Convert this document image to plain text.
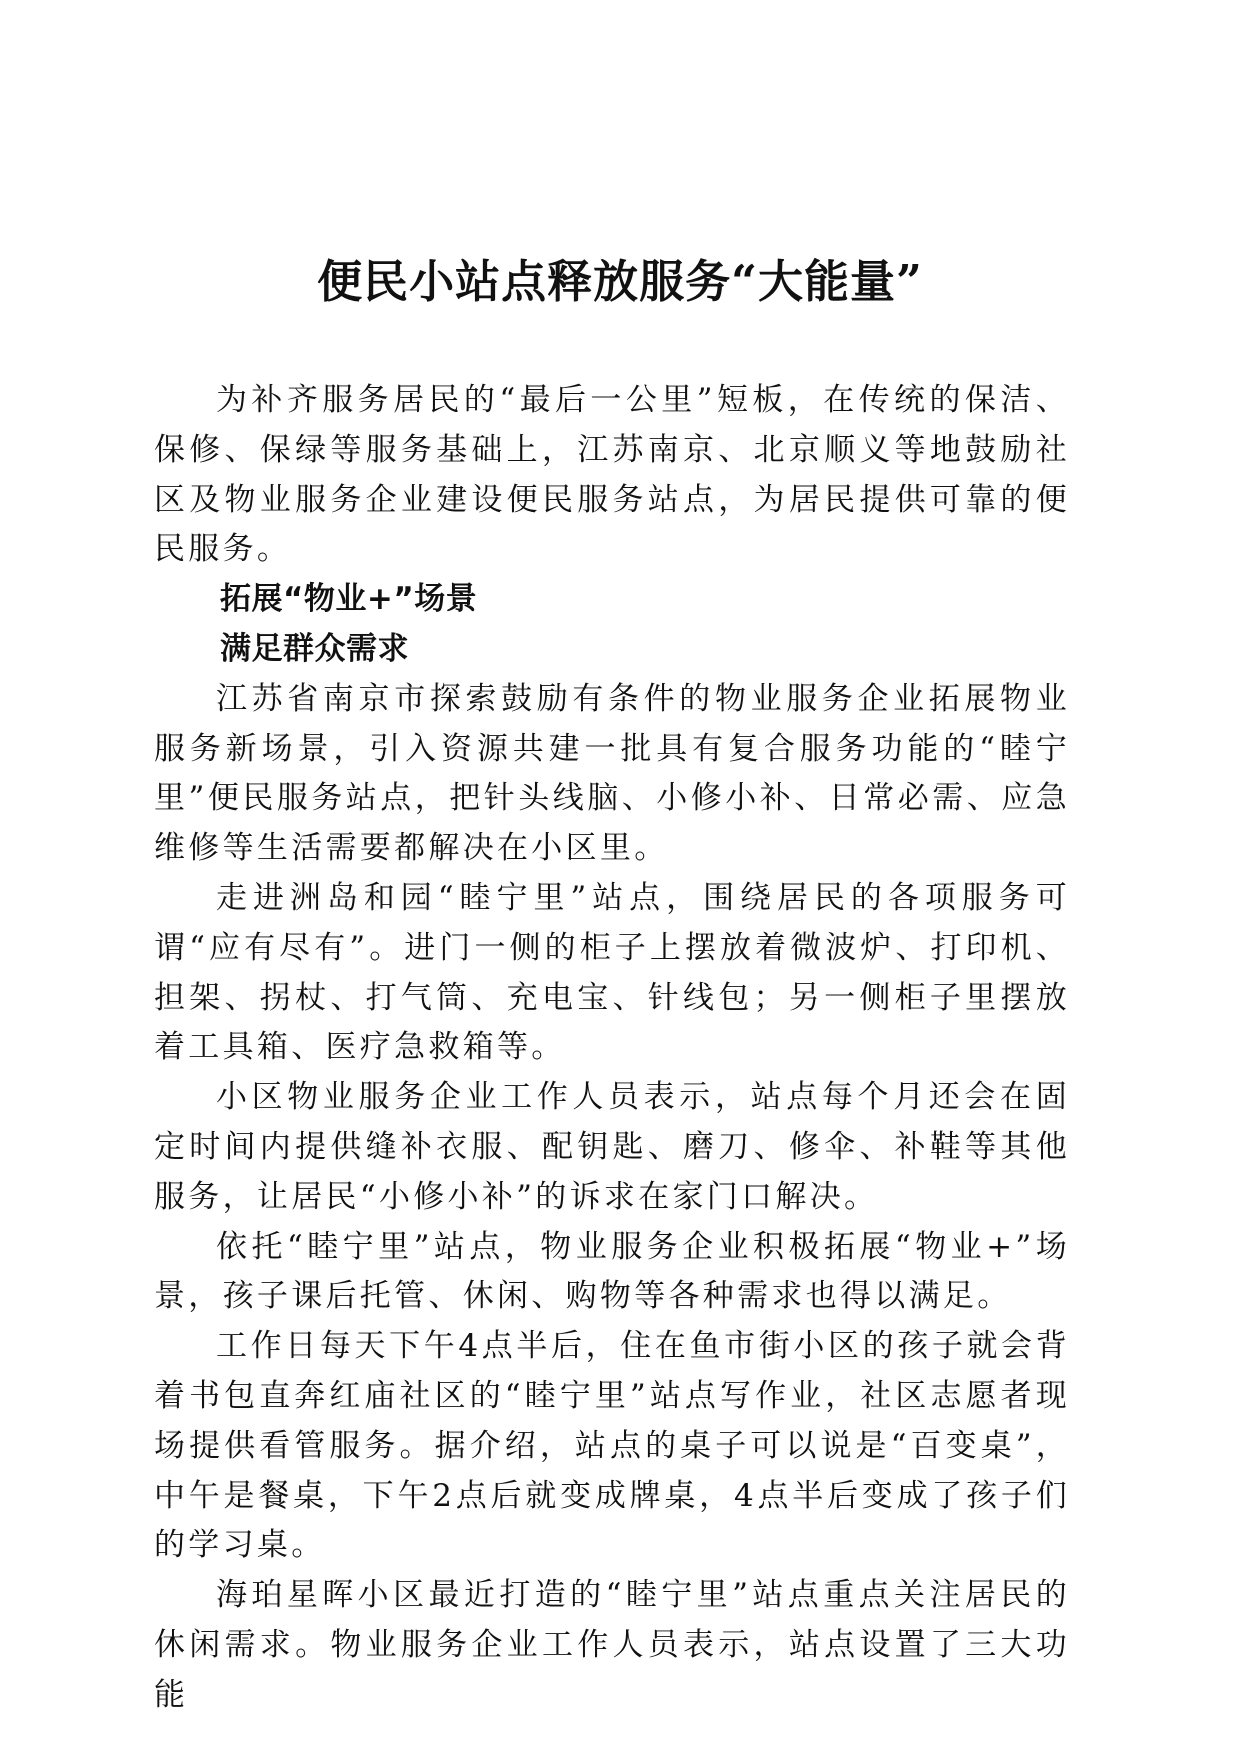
便民小站点释放服务“大能量”

为补齐服务居民的“最后一公里”短板，在传统的保洁、保修、保绿等服务基础上，江苏南京、北京顺义等地鼓励社区及物业服务企业建设便民服务站点，为居民提供可靠的便民服务。

拓展“物业+”场景

满足群众需求

江苏省南京市探索鼓励有条件的物业服务企业拓展物业服务新场景，引入资源共建一批具有复合服务功能的“睦宁里”便民服务站点，把针头线脑、小修小补、日常必需、应急维修等生活需要都解决在小区里。

走进洲岛和园“睦宁里”站点，围绕居民的各项服务可谓“应有尽有”。进门一侧的柜子上摆放着微波炉、打印机、担架、拐杖、打气筒、充电宝、针线包；另一侧柜子里摆放着工具箱、医疗急救箱等。

小区物业服务企业工作人员表示，站点每个月还会在固定时间内提供缝补衣服、配钥匙、磨刀、修伞、补鞋等其他服务，让居民“小修小补”的诉求在家门口解决。

依托“睦宁里”站点，物业服务企业积极拓展“物业+”场景，孩子课后托管、休闲、购物等各种需求也得以满足。

工作日每天下午4点半后，住在鱼市街小区的孩子就会背着书包直奔红庙社区的“睦宁里”站点写作业，社区志愿者现场提供看管服务。据介绍，站点的桌子可以说是“百变桌”，中午是餐桌，下午2点后就变成牌桌，4点半后变成了孩子们的学习桌。

海珀星晖小区最近打造的“睦宁里”站点重点关注居民的休闲需求。物业服务企业工作人员表示，站点设置了三大功能
